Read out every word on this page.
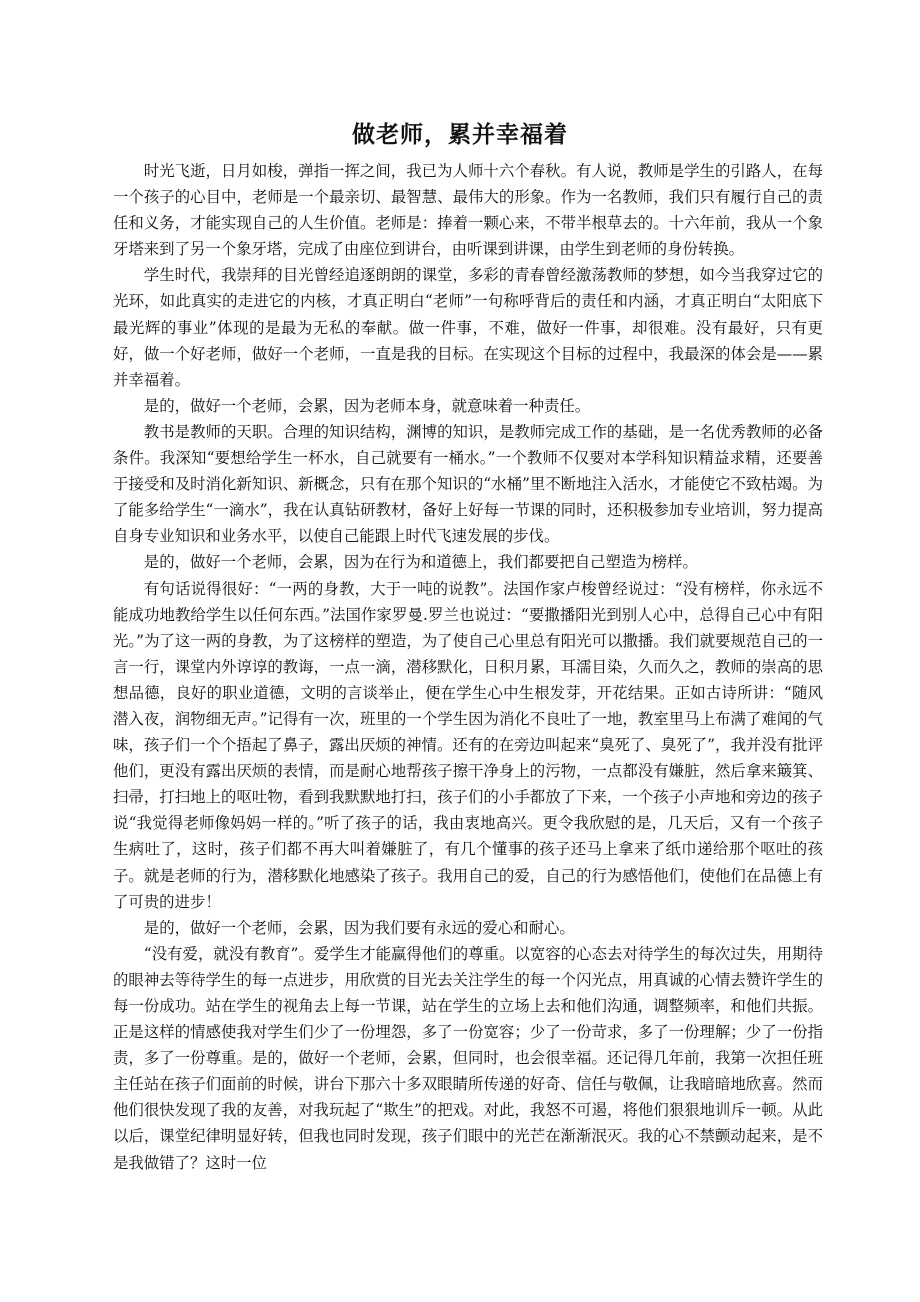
做老师，累并幸福着

时光飞逝，日月如梭，弹指一挥之间，我已为人师十六个春秋。有人说，教师是学生的引路人，在每一个孩子的心目中，老师是一个最亲切、最智慧、最伟大的形象。作为一名教师，我们只有履行自己的责任和义务，才能实现自己的人生价值。老师是：捧着一颗心来，不带半根草去的。十六年前，我从一个象牙塔来到了另一个象牙塔，完成了由座位到讲台，由听课到讲课，由学生到老师的身份转换。

学生时代，我崇拜的目光曾经追逐朗朗的课堂，多彩的青春曾经激荡教师的梦想，如今当我穿过它的光环，如此真实的走进它的内核，才真正明白“老师”一句称呼背后的责任和内涵，才真正明白“太阳底下最光辉的事业”体现的是最为无私的奉献。做一件事，不难，做好一件事，却很难。没有最好，只有更好，做一个好老师，做好一个老师，一直是我的目标。在实现这个目标的过程中，我最深的体会是——累并幸福着。

是的，做好一个老师，会累，因为老师本身，就意味着一种责任。

教书是教师的天职。合理的知识结构，渊博的知识，是教师完成工作的基础，是一名优秀教师的必备条件。我深知“要想给学生一杯水，自己就要有一桶水。”一个教师不仅要对本学科知识精益求精，还要善于接受和及时消化新知识、新概念，只有在那个知识的“水桶”里不断地注入活水，才能使它不致枯竭。为了能多给学生“一滴水”，我在认真钻研教材，备好上好每一节课的同时，还积极参加专业培训，努力提高自身专业知识和业务水平，以使自己能跟上时代飞速发展的步伐。

是的，做好一个老师，会累，因为在行为和道德上，我们都要把自己塑造为榜样。

有句话说得很好：“一两的身教，大于一吨的说教”。法国作家卢梭曾经说过：“没有榜样，你永远不能成功地教给学生以任何东西。”法国作家罗曼.罗兰也说过：“要撒播阳光到别人心中，总得自己心中有阳光。”为了这一两的身教，为了这榜样的塑造，为了使自己心里总有阳光可以撒播。我们就要规范自己的一言一行，课堂内外谆谆的教诲，一点一滴，潜移默化，日积月累，耳濡目染，久而久之，教师的崇高的思想品德，良好的职业道德，文明的言谈举止，便在学生心中生根发芽，开花结果。正如古诗所讲：“随风潜入夜，润物细无声。”记得有一次，班里的一个学生因为消化不良吐了一地，教室里马上布满了难闻的气味，孩子们一个个捂起了鼻子，露出厌烦的神情。还有的在旁边叫起来“臭死了、臭死了”，我并没有批评他们，更没有露出厌烦的表情，而是耐心地帮孩子擦干净身上的污物，一点都没有嫌脏，然后拿来簸箕、扫帚，打扫地上的呕吐物，看到我默默地打扫，孩子们的小手都放了下来，一个孩子小声地和旁边的孩子说“我觉得老师像妈妈一样的。”听了孩子的话，我由衷地高兴。更令我欣慰的是，几天后，又有一个孩子生病吐了，这时，孩子们都不再大叫着嫌脏了，有几个懂事的孩子还马上拿来了纸巾递给那个呕吐的孩子。就是老师的行为，潜移默化地感染了孩子。我用自己的爱，自己的行为感悟他们，使他们在品德上有了可贵的进步！

是的，做好一个老师，会累，因为我们要有永远的爱心和耐心。

“没有爱，就没有教育”。爱学生才能赢得他们的尊重。以宽容的心态去对待学生的每次过失，用期待的眼神去等待学生的每一点进步，用欣赏的目光去关注学生的每一个闪光点，用真诚的心情去赞许学生的每一份成功。站在学生的视角去上每一节课，站在学生的立场上去和他们沟通，调整频率，和他们共振。正是这样的情感使我对学生们少了一份埋怨，多了一份宽容；少了一份苛求，多了一份理解；少了一份指责，多了一份尊重。是的，做好一个老师，会累，但同时，也会很幸福。还记得几年前，我第一次担任班主任站在孩子们面前的时候，讲台下那六十多双眼睛所传递的好奇、信任与敬佩，让我暗暗地欣喜。然而他们很快发现了我的友善，对我玩起了“欺生”的把戏。对此，我怒不可遏，将他们狠狠地训斥一顿。从此以后，课堂纪律明显好转，但我也同时发现，孩子们眼中的光芒在渐渐泯灭。我的心不禁颤动起来，是不是我做错了？这时一位
